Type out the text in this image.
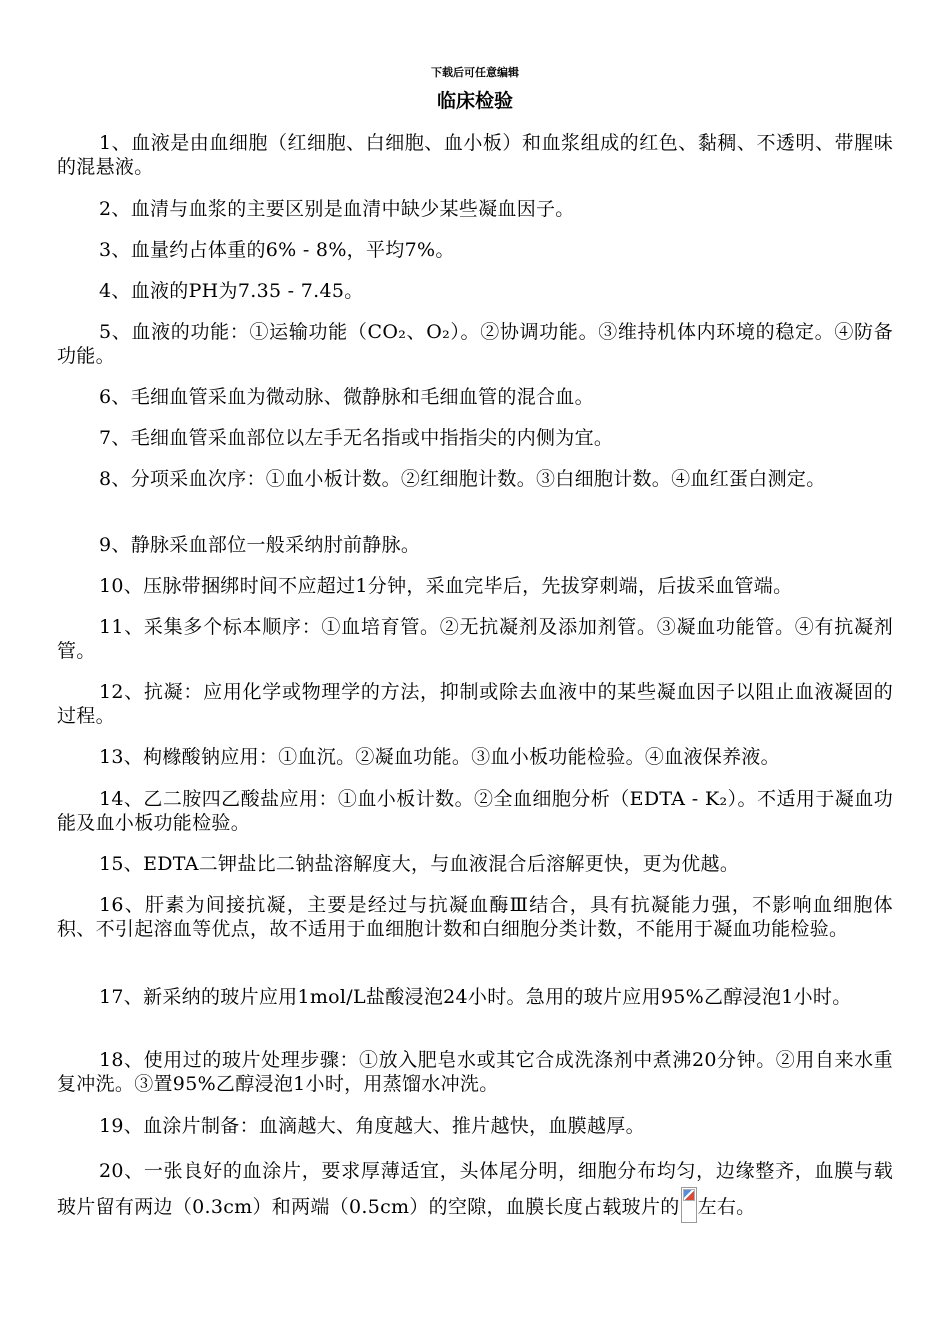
下载后可任意编辑
临床检验

1、血液是由血细胞（红细胞、白细胞、血小板）和血浆组成的红色、黏稠、不透明、带腥味的混悬液。

2、血清与血浆的主要区别是血清中缺少某些凝血因子。

3、血量约占体重的6% - 8%，平均7%。

4、血液的PH为7.35 - 7.45。

5、血液的功能：①运输功能（CO₂、O₂）。②协调功能。③维持机体内环境的稳定。④防备功能。

6、毛细血管采血为微动脉、微静脉和毛细血管的混合血。

7、毛细血管采血部位以左手无名指或中指指尖的内侧为宜。

8、分项采血次序：①血小板计数。②红细胞计数。③白细胞计数。④血红蛋白测定。

9、静脉采血部位一般采纳肘前静脉。

10、压脉带捆绑时间不应超过1分钟，采血完毕后，先拔穿刺端，后拔采血管端。

11、采集多个标本顺序：①血培育管。②无抗凝剂及添加剂管。③凝血功能管。④有抗凝剂管。

12、抗凝：应用化学或物理学的方法，抑制或除去血液中的某些凝血因子以阻止血液凝固的过程。

13、枸橼酸钠应用：①血沉。②凝血功能。③血小板功能检验。④血液保养液。

14、乙二胺四乙酸盐应用：①血小板计数。②全血细胞分析（EDTA - K₂）。不适用于凝血功能及血小板功能检验。

15、EDTA二钾盐比二钠盐溶解度大，与血液混合后溶解更快，更为优越。

16、肝素为间接抗凝，主要是经过与抗凝血酶Ⅲ结合，具有抗凝能力强，不影响血细胞体积、不引起溶血等优点，故不适用于血细胞计数和白细胞分类计数，不能用于凝血功能检验。

17、新采纳的玻片应用1mol/L盐酸浸泡24小时。急用的玻片应用95%乙醇浸泡1小时。

18、使用过的玻片处理步骤：①放入肥皂水或其它合成洗涤剂中煮沸20分钟。②用自来水重复冲洗。③置95%乙醇浸泡1小时，用蒸馏水冲洗。

19、血涂片制备：血滴越大、角度越大、推片越快，血膜越厚。

20、一张良好的血涂片，要求厚薄适宜，头体尾分明，细胞分布均匀，边缘整齐，血膜与载玻片留有两边（0.3cm）和两端（0.5cm）的空隙，血膜长度占载玻片的 左右。
